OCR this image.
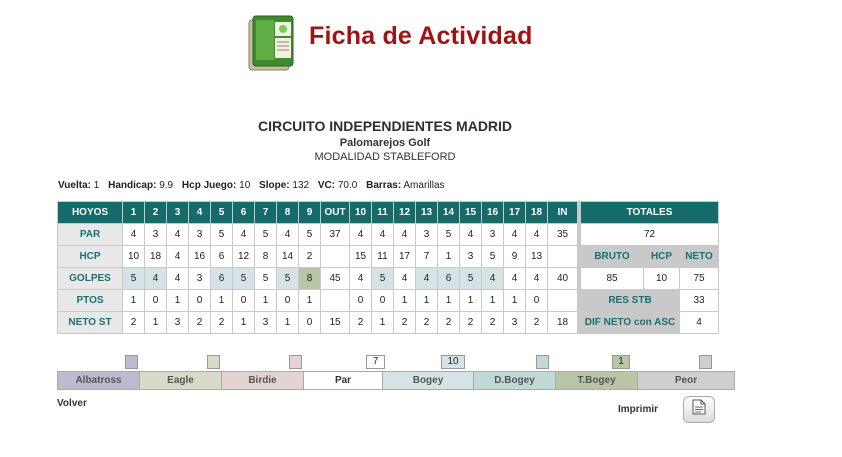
Ficha de Actividad
CIRCUITO INDEPENDIENTES MADRID
Palomarejos Golf
MODALIDAD STABLEFORD
Vuelta: 1 Handicap: 9.9 Hcp Juego: 10 Slope: 132 VC: 70.0 Barras: Amarillas
HOYOS	1	2	3	4	5	6	7	8	9	OUT	10	11	12	13	14	15	16	17	18	IN		TOTALES		
PAR	4	3	4	3	5	4	5	4	5	37	4	4	4	3	5	4	3	4	4	35		72		
HCP	10	18	4	16	6	12	8	14	2		15	11	17	7	1	3	5	9	13			BRUTO	HCP	NETO
GOLPES	5	4	4	3	6	5	5	5	8	45	4	5	4	4	6	5	4	4	4	40		85	10	75
PTOS	1	0	1	0	1	0	1	0	1		0	0	1	1	1	1	1	1	0			RES STB		33
NETO ST	2	1	3	2	2	1	3	1	0	15	2	1	2	2	2	2	2	3	2	18		DIF NETO con ASC		4
7	10	1
Albatross	Eagle	Birdie	Par	Bogey	D.Bogey	T.Bogey	Peor
Volver
Imprimir
